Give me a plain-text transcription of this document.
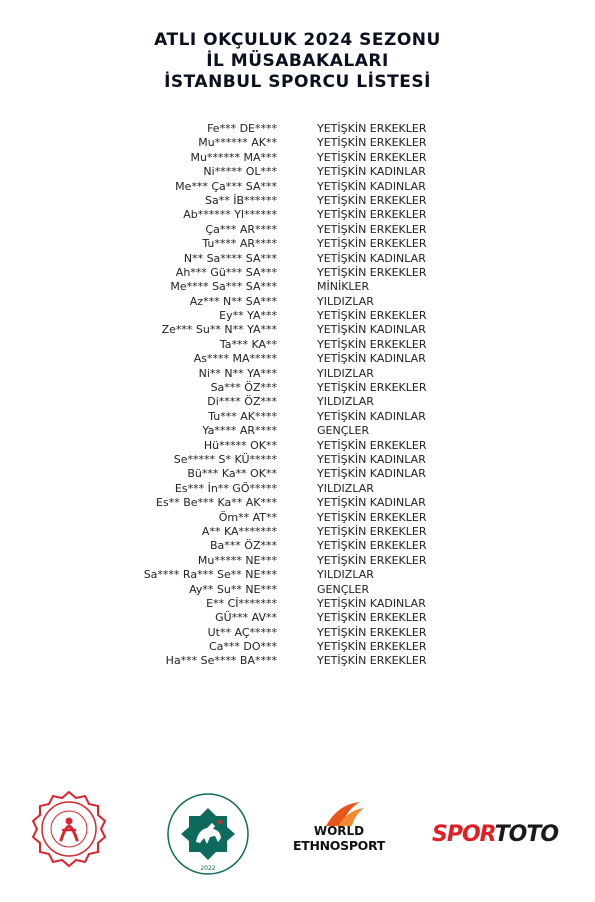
ATLI OKÇULUK 2024 SEZONU
İL MÜSABAKALARI
İSTANBUL SPORCU LİSTESİ
Fe*** DE****	YETİŞKİN ERKEKLER
Mu****** AK**	YETİŞKİN ERKEKLER
Mu****** MA***	YETİŞKİN ERKEKLER
Ni***** OL***	YETİŞKİN KADINLAR
Me*** Ça*** SA***	YETİŞKİN KADINLAR
Sa** İB******	YETİŞKİN ERKEKLER
Ab****** Yl******	YETİŞKİN ERKEKLER
Ça*** AR****	YETİŞKİN ERKEKLER
Tu**** AR****	YETİŞKİN ERKEKLER
N** Sa**** SA***	YETİŞKİN KADINLAR
Ah*** Gü*** SA***	YETİŞKİN ERKEKLER
Me**** Sa*** SA***	MİNİKLER
Az*** N** SA***	YILDIZLAR
Ey** YA***	YETİŞKİN ERKEKLER
Ze*** Su** N** YA***	YETİŞKİN KADINLAR
Ta*** KA**	YETİŞKİN ERKEKLER
As**** MA*****	YETİŞKİN KADINLAR
Ni** N** YA***	YILDIZLAR
Sa*** ÖZ***	YETİŞKİN ERKEKLER
Di**** ÖZ***	YILDIZLAR
Tu*** AK****	YETİŞKİN KADINLAR
Ya**** AR****	GENÇLER
Hü***** OK**	YETİŞKİN ERKEKLER
Se***** S* KÜ*****	YETİŞKİN KADINLAR
Bü*** Ka** OK**	YETİŞKİN KADINLAR
Es*** İn** GÖ*****	YILDIZLAR
Es** Be*** Ka** AK***	YETİŞKİN KADINLAR
Öm** AT**	YETİŞKİN ERKEKLER
A** KA*******	YETİŞKİN ERKEKLER
Ba*** ÖZ***	YETİŞKİN ERKEKLER
Mu***** NE***	YETİŞKİN ERKEKLER
Sa**** Ra*** Se** NE***	YILDIZLAR
Ay** Su** NE***	GENÇLER
E** Cİ*******	YETİŞKİN KADINLAR
GÜ*** AV**	YETİŞKİN ERKEKLER
Ut** AÇ*****	YETİŞKİN ERKEKLER
Ca*** DO***	YETİŞKİN ERKEKLER
Ha*** Se**** BA****	YETİŞKİN ERKEKLER
2022
WORLD
ETHNOSPORT SPORTOTO
